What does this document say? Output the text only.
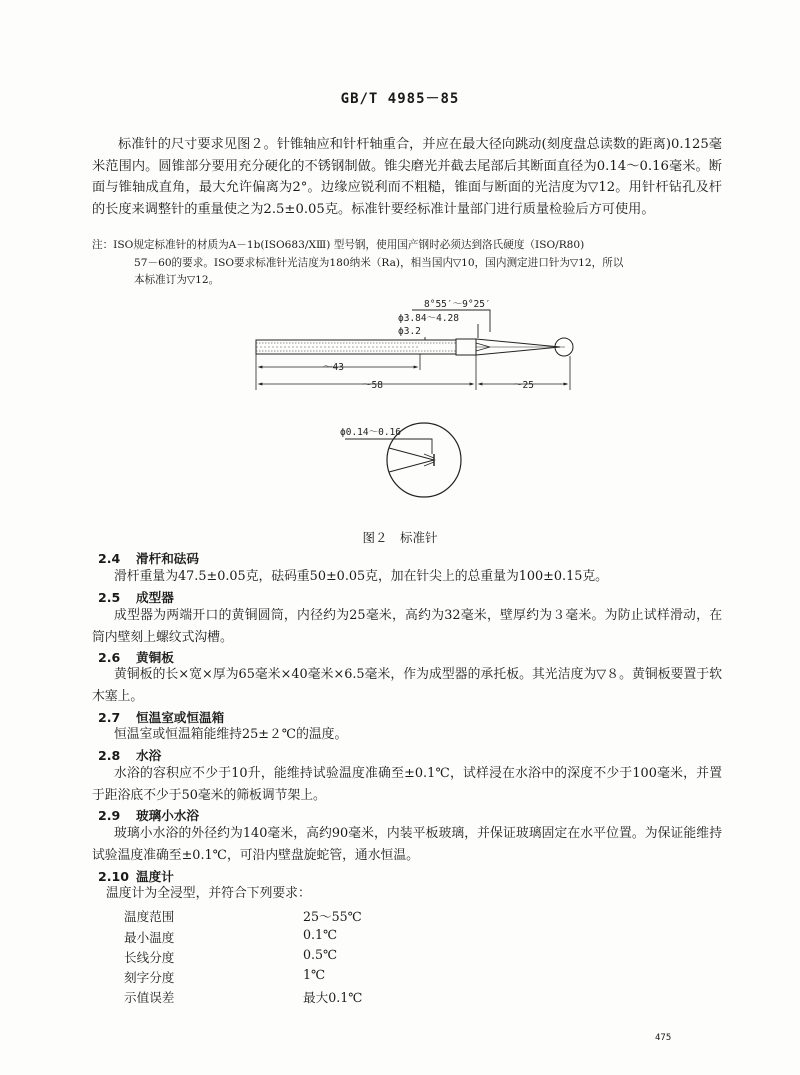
GB/T 4985－85
标准针的尺寸要求见图２。针锥轴应和针杆轴重合，并应在最大径向跳动(刻度盘总读数的距离)0.125毫米范围内。圆锥部分要用充分硬化的不锈钢制做。锥尖磨光并截去尾部后其断面直径为0.14～0.16毫米。断面与锥轴成直角，最大允许偏离为2°。边缘应锐利而不粗糙，锥面与断面的光洁度为▽12。用针杆钻孔及杆的长度来调整针的重量使之为2.5±0.05克。标准针要经标准计量部门进行质量检验后方可使用。
注：ISO规定标准针的材质为A－1b(ISO683/ⅩⅢ) 型号钢，使用国产钢时必须达到洛氏硬度（ISO/R80)
57－60的要求。ISO要求标准针光洁度为180纳米（Ra)，相当国内▽10，国内测定进口针为▽12，所以
本标准订为▽12。
8°55′～9°25′
ϕ3.84～4.28
ϕ3.2
～43
～58	～25
ϕ0.14～0.16
图２　标准针
2.4 滑杆和砝码
滑杆重量为47.5±0.05克，砝码重50±0.05克，加在针尖上的总重量为100±0.15克。
2.5 成型器
成型器为两端开口的黄铜圆筒，内径约为25毫米，高约为32毫米，壁厚约为３毫米。为防止试样滑动，在筒内壁刻上螺纹式沟槽。
2.6 黄铜板
黄铜板的长×宽×厚为65毫米×40毫米×6.5毫米，作为成型器的承托板。其光洁度为▽８。黄铜板要置于软木塞上。
2.7 恒温室或恒温箱
恒温室或恒温箱能维持25±２℃的温度。
2.8 水浴
水浴的容积应不少于10升，能维持试验温度准确至±0.1℃，试样浸在水浴中的深度不少于100毫米，并置于距浴底不少于50毫米的筛板调节架上。
2.9 玻璃小水浴
玻璃小水浴的外径约为140毫米，高约90毫米，内装平板玻璃，并保证玻璃固定在水平位置。为保证能维持试验温度准确至±0.1℃，可沿内壁盘旋蛇管，通水恒温。
2.10 温度计
温度计为全浸型，并符合下列要求：
温度范围	25～55℃
最小温度	0.1℃
长线分度	0.5℃
刻字分度	1℃
示值误差	最大0.1℃
475
